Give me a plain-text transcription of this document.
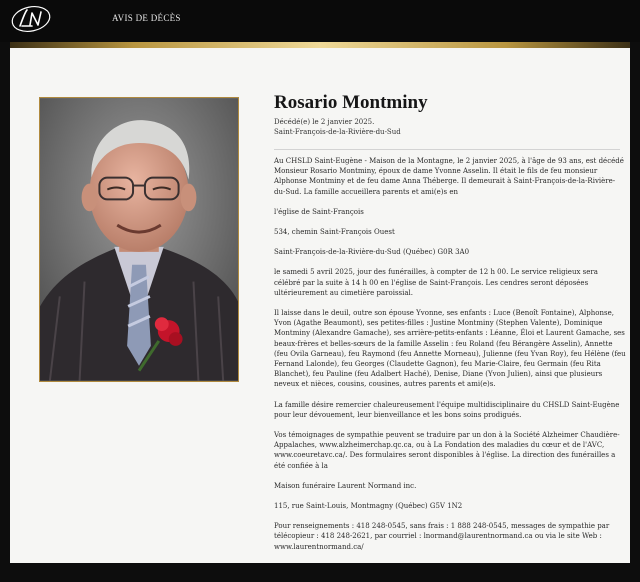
AVIS DE DÉCÈS
Rosario Montminy
Décédé(e) le 2 janvier 2025.
Saint-François-de-la-Rivière-du-Sud

Au CHSLD Saint-Eugène - Maison de la Montagne, le 2 janvier 2025, à l'âge de 93 ans, est décédé Monsieur Rosario Montminy, époux de dame Yvonne Asselin. Il était le fils de feu monsieur Alphonse Montminy et de feu dame Anna Théberge. Il demeurait à Saint-François-de-la-Rivière-du-Sud. La famille accueillera parents et ami(e)s en

l'église de Saint-François

534, chemin Saint-François Ouest

Saint-François-de-la-Rivière-du-Sud (Québec) G0R 3A0

le samedi 5 avril 2025, jour des funérailles, à compter de 12 h 00. Le service religieux sera célébré par la suite à 14 h 00 en l'église de Saint-François. Les cendres seront déposées ultérieurement au cimetière paroissial.

Il laisse dans le deuil, outre son épouse Yvonne, ses enfants : Luce (Benoît Fontaine), Alphonse, Yvon (Agathe Beaumont), ses petites-filles : Justine Montminy (Stephen Valente), Dominique Montminy (Alexandre Gamache), ses arrière-petits-enfants : Léanne, Éloi et Laurent Gamache, ses beaux-frères et belles-sœurs de la famille Asselin : feu Roland (feu Bérangère Asselin), Annette (feu Ovila Garneau), feu Raymond (feu Annette Morneau), Julienne (feu Yvan Roy), feu Hélène (feu Fernand Lalonde), feu Georges (Claudette Gagnon), feu Marie-Claire, feu Germain (feu Rita Blanchet), feu Pauline (feu Adalbert Haché), Denise, Diane (Yvon Julien), ainsi que plusieurs neveux et nièces, cousins, cousines, autres parents et ami(e)s.

La famille désire remercier chaleureusement l'équipe multidisciplinaire du CHSLD Saint-Eugène pour leur dévouement, leur bienveillance et les bons soins prodigués.

Vos témoignages de sympathie peuvent se traduire par un don à la Société Alzheimer Chaudière-Appalaches, www.alzheimerchap.qc.ca, ou à La Fondation des maladies du cœur et de l'AVC, www.coeuretavc.ca/. Des formulaires seront disponibles à l'église. La direction des funérailles a été confiée à la

Maison funéraire Laurent Normand inc.

115, rue Saint-Louis, Montmagny (Québec) G5V 1N2

Pour renseignements : 418 248-0545, sans frais : 1 888 248-0545, messages de sympathie par télécopieur : 418 248-2621, par courriel : lnormand@laurentnormand.ca ou via le site Web : www.laurentnormand.ca/
